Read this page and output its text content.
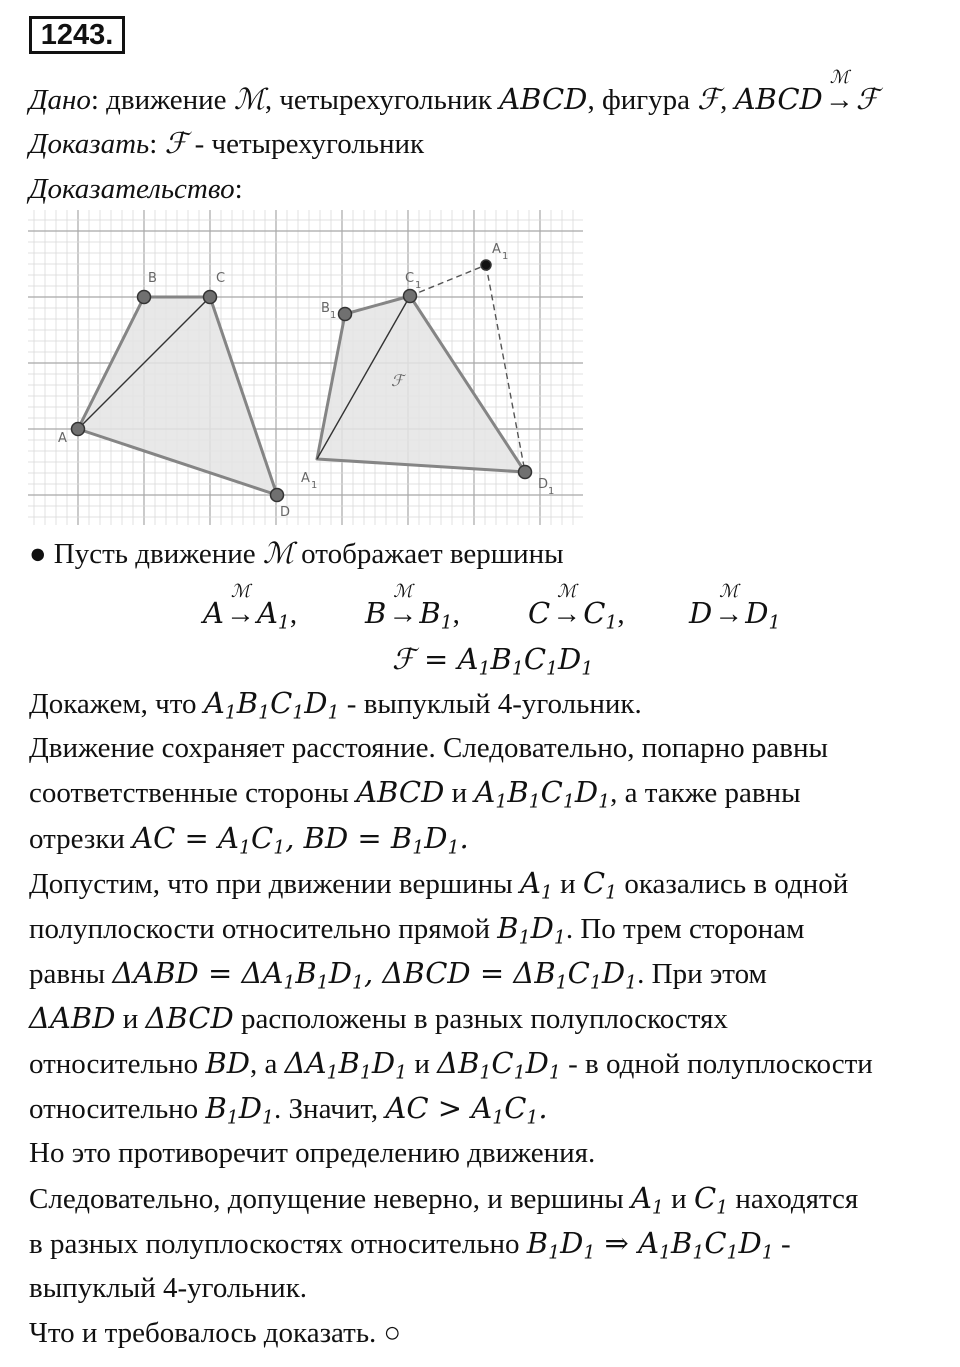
1243.
Дано: движение ℳ, четырехугольник ABCD, фигура ℱ, ABCD
ℳ
→ℱ
Доказать: ℱ - четырехугольник
Доказательство:
A
B	C
D
A 1
B 1
C 1
D 1
A 1
ℱ
● Пусть движение ℳ отображает вершины
A
ℳ
$\to A_1$, B
ℳ
$\to B_1$, C
ℳ
$\to C_1$, D
ℳ
$\to D_1$
ℱ = $A_1B_1C_1D_1$
Докажем, что $A_1B_1C_1D_1$ - выпуклый 4-угольник.
Движение сохраняет расстояние. Следовательно, попарно равны
соответственные стороны ABCD и $A_1B_1C_1D_1$, а также равны
отрезки AC = $A_1C_1$, BD = $B_1D_1$.
Допустим, что при движении вершины $A_1$ и $C_1$ оказались в одной
полуплоскости относительно прямой $B_1D_1$. По трем сторонам
равны $\Delta ABD = \Delta A_1B_1D_1$, $\Delta BCD = \Delta B_1C_1D_1$. При этом
ΔABD и ΔBCD расположены в разных полуплоскостях
относительно BD, а $\Delta A_1B_1D_1$ и $\Delta B_1C_1D_1$ - в одной полуплоскости
относительно $B_1D_1$. Значит, AC > $A_1C_1$.
Но это противоречит определению движения.
Следовательно, допущение неверно, и вершины $A_1$ и $C_1$ находятся
в разных полуплоскостях относительно $B_1D_1$ ⇒ $A_1B_1C_1D_1$ -
выпуклый 4-угольник.
Что и требовалось доказать. ○
